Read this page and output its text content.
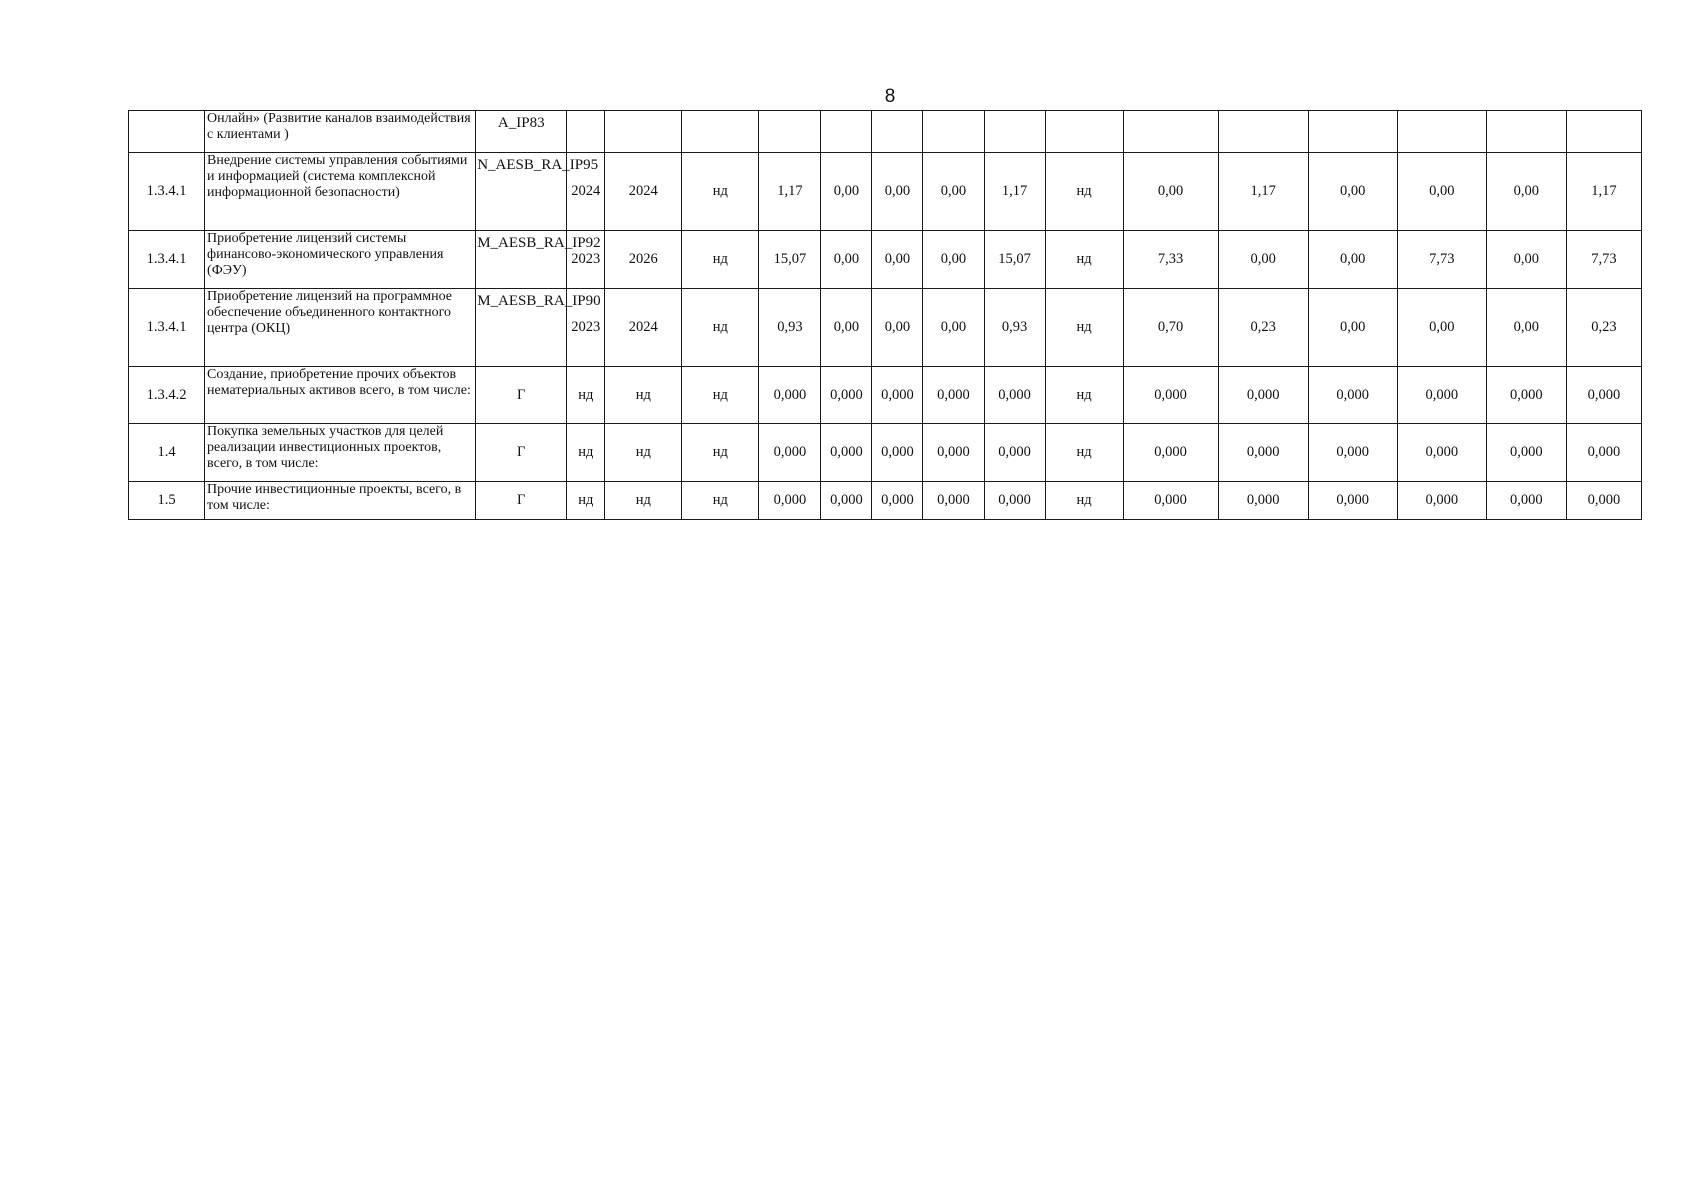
8
	Онлайн» (Развитие каналов взаимодействия с клиентами )	A_IP83															
1.3.4.1	Внедрение системы управления событиями и информацией (система комплексной информационной безопасности)	N_AESB_RA_IP95	2024	2024	нд	1,17	0,00	0,00	0,00	1,17	нд	0,00	1,17	0,00	0,00	0,00	1,17
1.3.4.1	Приобретение лицензий системы финансово-экономического управления (ФЭУ)	M_AESB_RA_IP92	2023	2026	нд	15,07	0,00	0,00	0,00	15,07	нд	7,33	0,00	0,00	7,73	0,00	7,73
1.3.4.1	Приобретение лицензий на программное обеспечение объединенного контактного центра (ОКЦ)	M_AESB_RA_IP90	2023	2024	нд	0,93	0,00	0,00	0,00	0,93	нд	0,70	0,23	0,00	0,00	0,00	0,23
1.3.4.2	Создание, приобретение прочих объектов нематериальных активов всего, в том числе:	Г	нд	нд	нд	0,000	0,000	0,000	0,000	0,000	нд	0,000	0,000	0,000	0,000	0,000	0,000
1.4	Покупка земельных участков для целей реализации инвестиционных проектов, всего, в том числе:	Г	нд	нд	нд	0,000	0,000	0,000	0,000	0,000	нд	0,000	0,000	0,000	0,000	0,000	0,000
1.5	Прочие инвестиционные проекты, всего, в том числе:	Г	нд	нд	нд	0,000	0,000	0,000	0,000	0,000	нд	0,000	0,000	0,000	0,000	0,000	0,000
